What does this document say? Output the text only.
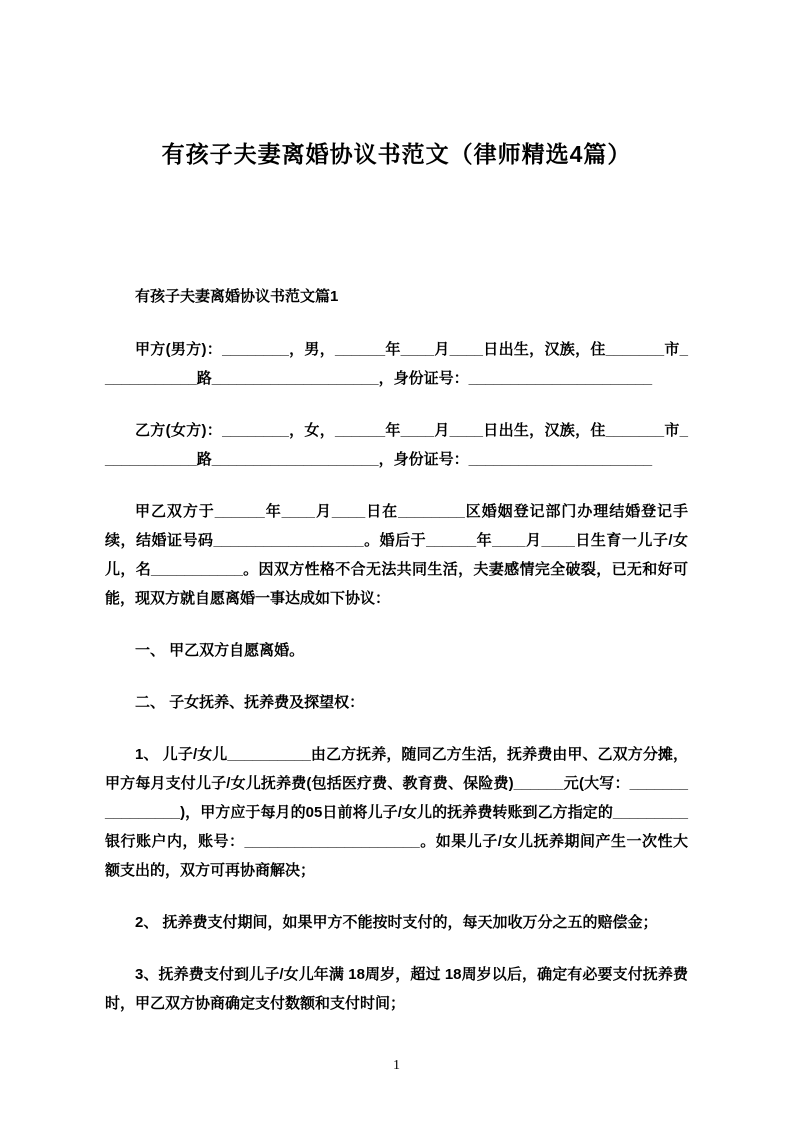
有孩子夫妻离婚协议书范文（律师精选4篇）

有孩子夫妻离婚协议书范文篇1

甲方(男方)：________，男，______年____月____日出生，汉族，住_______市____________路____________________，身份证号：______________________

乙方(女方)：________，女，______年____月____日出生，汉族，住_______市____________路____________________，身份证号：______________________

甲乙双方于______年____月____日在________区婚姻登记部门办理结婚登记手续，结婚证号码__________________。婚后于______年____月____日生育一儿子/女儿，名___________。因双方性格不合无法共同生活，夫妻感情完全破裂，已无和好可能，现双方就自愿离婚一事达成如下协议：

一、 甲乙双方自愿离婚。

二、 子女抚养、抚养费及探望权：

1、 儿子/女儿__________由乙方抚养，随同乙方生活，抚养费由甲、乙双方分摊，甲方每月支付儿子/女儿抚养费(包括医疗费、教育费、保险费)______元(大写：________________)，甲方应于每月的05日前将儿子/女儿的抚养费转账到乙方指定的_________银行账户内，账号：_____________________。如果儿子/女儿抚养期间产生一次性大额支出的，双方可再协商解决；

2、 抚养费支付期间，如果甲方不能按时支付的，每天加收万分之五的赔偿金；

3、抚养费支付到儿子/女儿年满 18周岁，超过 18周岁以后，确定有必要支付抚养费时，甲乙双方协商确定支付数额和支付时间；

1
